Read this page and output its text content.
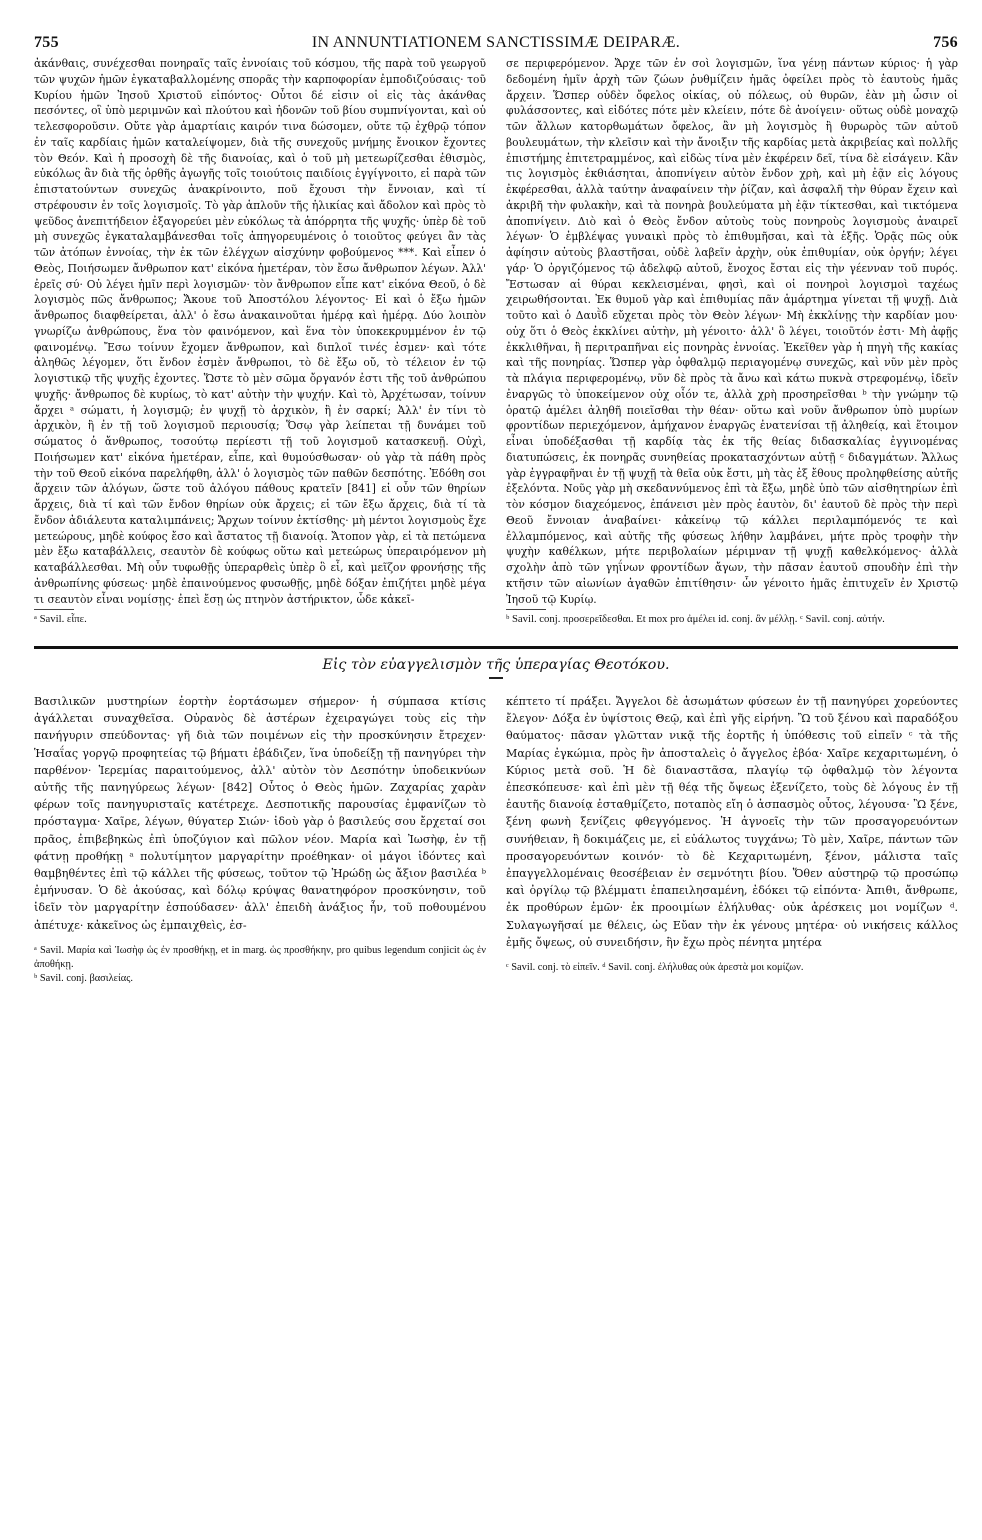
755	IN ANNUNTIATIONEM SANCTISSIMÆ DEIPARÆ.	756

ἀκάνθαις, συνέχεσθαι πονηραῖς ταῖς ἐννοίαις τοῦ κόσμου, τῆς παρὰ τοῦ γεωργοῦ τῶν ψυχῶν ἡμῶν ἐγκαταβαλλομένης σπορᾶς τὴν καρποφορίαν ἐμποδιζούσαις· τοῦ Κυρίου ἡμῶν Ἰησοῦ Χριστοῦ εἰπόντος· Οὗτοι δέ εἰσιν οἱ εἰς τὰς ἀκάνθας πεσόντες, οἳ ὑπὸ μεριμνῶν καὶ πλούτου καὶ ἡδονῶν τοῦ βίου συμπνίγονται, καὶ οὐ τελεσφοροῦσιν. Οὔτε γὰρ ἁμαρτίαις καιρόν τινα δώσομεν, οὔτε τῷ ἐχθρῷ τόπον ἐν ταῖς καρδίαις ἡμῶν καταλείψομεν, διὰ τῆς συνεχοῦς μνήμης ἔνοικον ἔχοντες τὸν Θεόν. Καὶ ἡ προσοχὴ δὲ τῆς διανοίας, καὶ ὁ τοῦ μὴ μετεωρίζεσθαι ἐθισμὸς, εὐκόλως ἂν διὰ τῆς ὀρθῆς ἀγωγῆς τοῖς τοιούτοις παιδίοις ἐγγίγνοιτο, εἰ παρὰ τῶν ἐπιστατούντων συνεχῶς ἀνακρίνοιντο, ποῦ ἔχουσι τὴν ἔννοιαν, καὶ τί στρέφουσιν ἐν τοῖς λογισμοῖς. Τὸ γὰρ ἁπλοῦν τῆς ἡλικίας καὶ ἄδολον καὶ πρὸς τὸ ψεῦδος ἀνεπιτήδειον ἐξαγορεύει μὲν εὐκόλως τὰ ἀπόρρητα τῆς ψυχῆς· ὑπὲρ δὲ τοῦ μὴ συνεχῶς ἐγκαταλαμβάνεσθαι τοῖς ἀπηγορευμένοις ὁ τοιοῦτος φεύγει ἂν τὰς τῶν ἀτόπων ἐννοίας, τὴν ἐκ τῶν ἐλέγχων αἰσχύνην φοβούμενος ***. Καὶ εἶπεν ὁ Θεὸς, Ποιήσωμεν ἄνθρωπον κατ' εἰκόνα ἡμετέραν, τὸν ἔσω ἄνθρωπον λέγων. Ἀλλ' ἐρεῖς σύ· Οὐ λέγει ἡμῖν περὶ λογισμῶν· τὸν ἄνθρωπον εἶπε κατ' εἰκόνα Θεοῦ, ὁ δὲ λογισμὸς πῶς ἄνθρωπος; Ἄκουε τοῦ Ἀποστόλου λέγοντος· Εἰ καὶ ὁ ἔξω ἡμῶν ἄνθρωπος διαφθείρεται, ἀλλ' ὁ ἔσω ἀνακαινοῦται ἡμέρᾳ καὶ ἡμέρᾳ. Δύο λοιπὸν γνωρίζω ἀνθρώπους, ἕνα τὸν φαινόμενον, καὶ ἕνα τὸν ὑποκεκρυμμένον ἐν τῷ φαινομένῳ. Ἔσω τοίνυν ἔχομεν ἄνθρωπον, καὶ διπλοῖ τινές ἐσμεν· καὶ τότε ἀληθῶς λέγομεν, ὅτι ἔνδον ἐσμὲν ἄνθρωποι, τὸ δὲ ἔξω οὔ, τὸ τέλειον ἐν τῷ λογιστικῷ τῆς ψυχῆς ἐχοντες. Ὥστε τὸ μὲν σῶμα ὄργανόν ἐστι τῆς τοῦ ἀνθρώπου ψυχῆς· ἄνθρωπος δὲ κυρίως, τὸ κατ' αὐτὴν τὴν ψυχήν. Καὶ τὸ, Ἀρχέτωσαν, τοίνυν ἄρχει ᵃ σώματι, ἡ λογισμῷ; ἐν ψυχῇ τὸ ἀρχικὸν, ἢ ἐν σαρκί; Ἀλλ' ἐν τίνι τὸ ἀρχικὸν, ἢ ἐν τῇ τοῦ λογισμοῦ περιουσίᾳ; Ὅσῳ γὰρ λείπεται τῇ δυνάμει τοῦ σώματος ὁ ἄνθρωπος, τοσούτῳ περίεστι τῇ τοῦ λογισμοῦ κατασκευῇ. Οὐχὶ, Ποιήσωμεν κατ' εἰκόνα ἡμετέραν, εἶπε, καὶ θυμούσθωσαν· οὐ γὰρ τὰ πάθη πρὸς τὴν τοῦ Θεοῦ εἰκόνα παρελήφθη, ἀλλ' ὁ λογισμὸς τῶν παθῶν δεσπότης. Ἐδόθη σοι ἄρχειν τῶν ἀλόγων, ὥστε τοῦ ἀλόγου πάθους κρατεῖν [841] εἰ οὖν τῶν θηρίων ἄρχεις, διὰ τί καὶ τῶν ἔνδον θηρίων οὐκ ἄρχεις; εἰ τῶν ἔξω ἄρχεις, διὰ τί τὰ ἔνδον ἀδιάλευτα καταλιμπάνεις; Ἄρχων τοίνυν ἐκτίσθης· μὴ μέντοι λογισμοὺς ἔχε μετεώρους, μηδὲ κούφος ἔσο καὶ ἄστατος τῇ διανοίᾳ. Ἄτοπον γὰρ, εἰ τὰ πετώμενα μὲν ἔξω καταβάλλεις, σεαυτὸν δὲ κούφως οὕτω καὶ μετεώρως ὑπεραιρόμενον μὴ καταβάλλεσθαι. Μὴ οὖν τυφωθῇς ὑπεραρθεὶς ὑπὲρ ὃ εἶ, καὶ μεῖζον φρονήσῃς τῆς ἀνθρωπίνης φύσεως· μηδὲ ἐπαινούμενος φυσωθῇς, μηδὲ δόξαν ἐπιζήτει μηδὲ μέγα τι σεαυτὸν εἶναι νομίσῃς· ἐπεὶ ἔσῃ ὡς πτηνὸν ἀστήρικτον, ὧδε κἀκεῖ-

ᵃ Savil. εἶπε.

σε περιφερόμενον. Ἄρχε τῶν ἐν σοὶ λογισμῶν, ἵνα γένῃ πάντων κύριος· ἡ γὰρ δεδομένη ἡμῖν ἀρχὴ τῶν ζώων ῥυθμίζειν ἡμᾶς ὀφείλει πρὸς τὸ ἑαυτοὺς ἡμᾶς ἄρχειν. Ὥσπερ οὐδὲν ὄφελος οἰκίας, οὐ πόλεως, οὐ θυρῶν, ἐὰν μὴ ὦσιν οἱ φυλάσσοντες, καὶ εἰδότες πότε μὲν κλείειν, πότε δὲ ἀνοίγειν· οὕτως οὐδὲ μοναχῷ τῶν ἄλλων κατορθωμάτων ὄφελος, ἂν μὴ λογισμὸς ἢ θυρωρὸς τῶν αὐτοῦ βουλευμάτων, τὴν κλεῖσιν καὶ τὴν ἄνοιξιν τῆς καρδίας μετὰ ἀκριβείας καὶ πολλῆς ἐπιστήμης ἐπιτετραμμένος, καὶ εἰδὼς τίνα μὲν ἐκφέρειν δεῖ, τίνα δὲ εἰσάγειν. Κἂν τις λογισμὸς ἐκθιάσηται, ἀποπνίγειν αὐτὸν ἔνδον χρὴ, καὶ μὴ ἐᾷν εἰς λόγους ἐκφέρεσθαι, ἀλλὰ ταύτην ἀναφαίνειν τὴν ῥίζαν, καὶ ἀσφαλῆ τὴν θύραν ἔχειν καὶ ἀκριβῆ τὴν φυλακὴν, καὶ τὰ πονηρὰ βουλεύματα μὴ ἐᾷν τίκτεσθαι, καὶ τικτόμενα ἀποπνίγειν. Διὸ καὶ ὁ Θεὸς ἔνδον αὐτοὺς τοὺς πονηροὺς λογισμοὺς ἀναιρεῖ λέγων· Ὁ ἐμβλέψας γυναικὶ πρὸς τὸ ἐπιθυμῆσαι, καὶ τὰ ἑξῆς. Ὁρᾷς πῶς οὐκ ἀφίησιν αὐτοὺς βλαστῆσαι, οὐδὲ λαβεῖν ἀρχὴν, οὐκ ἐπιθυμίαν, οὐκ ὀργήν; λέγει γάρ· Ὁ ὀργιζόμενος τῷ ἀδελφῷ αὐτοῦ, ἔνοχος ἔσται εἰς τὴν γέενναν τοῦ πυρός. Ἔστωσαν αἱ θύραι κεκλεισμέναι, φησὶ, καὶ οἱ πονηροὶ λογισμοὶ ταχέως χειρωθήσονται. Ἐκ θυμοῦ γὰρ καὶ ἐπιθυμίας πᾶν ἁμάρτημα γίνεται τῇ ψυχῇ. Διὰ τοῦτο καὶ ὁ Δαυῒδ εὔχεται πρὸς τὸν Θεὸν λέγων· Μὴ ἐκκλίνῃς τὴν καρδίαν μου· οὐχ ὅτι ὁ Θεὸς ἐκκλίνει αὐτὴν, μὴ γένοιτο· ἀλλ' ὃ λέγει, τοιοῦτόν ἐστι· Μὴ ἀφῇς ἐκκλιθῆναι, ἢ περιτραπῆναι εἰς πονηρὰς ἐννοίας. Ἐκεῖθεν γὰρ ἡ πηγὴ τῆς κακίας καὶ τῆς πονηρίας. Ὥσπερ γὰρ ὀφθαλμῷ περιαγομένῳ συνεχῶς, καὶ νῦν μὲν πρὸς τὰ πλάγια περιφερομένῳ, νῦν δὲ πρὸς τὰ ἄνω καὶ κάτω πυκνὰ στρεφομένῳ, ἰδεῖν ἐναργῶς τὸ ὑποκείμενον οὐχ οἷόν τε, ἀλλὰ χρὴ προσηρεῖσθαι ᵇ τὴν γνώμην τῷ ὁρατῷ ἀμέλει ἀληθῆ ποιεῖσθαι τὴν θέαν· οὕτω καὶ νοῦν ἄνθρωπον ὑπὸ μυρίων φροντίδων περιεχόμενον, ἀμήχανον ἐναργῶς ἐνατενίσαι τῇ ἀληθείᾳ, καὶ ἕτοιμον εἶναι ὑποδέξασθαι τῇ καρδίᾳ τὰς ἐκ τῆς θείας διδασκαλίας ἐγγινομένας διατυπώσεις, ἐκ πονηρᾶς συνηθείας προκατασχόντων αὐτῇ ᶜ διδαγμάτων. Ἄλλως γὰρ ἐγγραφῆναι ἐν τῇ ψυχῇ τὰ θεῖα οὐκ ἔστι, μὴ τὰς ἐξ ἔθους προληφθείσης αὐτῆς ἐξελόντα. Νοῦς γὰρ μὴ σκεδαννύμενος ἐπὶ τὰ ἔξω, μηδὲ ὑπὸ τῶν αἰσθητηρίων ἐπὶ τὸν κόσμον διαχεόμενος, ἐπάνεισι μὲν πρὸς ἑαυτὸν, δι' ἑαυτοῦ δὲ πρὸς τὴν περὶ Θεοῦ ἔννοιαν ἀναβαίνει· κἀκείνῳ τῷ κάλλει περιλαμπόμενός τε καὶ ἐλλαμπόμενος, καὶ αὐτῆς τῆς φύσεως λήθην λαμβάνει, μήτε πρὸς τροφὴν τὴν ψυχὴν καθέλκων, μήτε περιβολαίων μέριμναν τῇ ψυχῇ καθελκόμενος· ἀλλὰ σχολὴν ἀπὸ τῶν γηΐνων φροντίδων ἄγων, τὴν πᾶσαν ἑαυτοῦ σπουδὴν ἐπὶ τὴν κτῆσιν τῶν αἰωνίων ἀγαθῶν ἐπιτίθησιν· ὧν γένοιτο ἡμᾶς ἐπιτυχεῖν ἐν Χριστῷ Ἰησοῦ τῷ Κυρίῳ.

ᵇ Savil. conj. προσερεῖδεσθαι. Et mox pro ἀμέλει id. conj. ἂν μέλλῃ. ᶜ Savil. conj. αὐτήν.

Εἰς τὸν εὐαγγελισμὸν τῆς ὑπεραγίας Θεοτόκου.

Βασιλικῶν μυστηρίων ἑορτὴν ἑορτάσωμεν σήμερον· ἡ σύμπασα κτίσις ἀγάλλεται συναχθεῖσα. Οὐρανὸς δὲ ἀστέρων ἐχειραγώγει τοὺς εἰς τὴν πανήγυριν σπεύδοντας· γῆ διὰ τῶν ποιμένων εἰς τὴν προσκύνησιν ἔτρεχεν· Ἡσαΐας γοργῷ προφητείας τῷ βήματι ἐβάδιζεν, ἵνα ὑποδείξῃ τῇ πανηγύρει τὴν παρθένον· Ἱερεμίας παραιτούμενος, ἀλλ' αὐτὸν τὸν Δεσπότην ὑποδεικνύων αὐτῆς τῆς πανηγύρεως λέγων· [842] Οὗτος ὁ Θεὸς ἡμῶν. Ζαχαρίας χαρὰν φέρων τοῖς πανηγυρισταῖς κατέτρεχε. Δεσποτικῆς παρουσίας ἐμφανίζων τὸ πρόσταγμα· Χαῖρε, λέγων, θύγατερ Σιών· ἰδοὺ γὰρ ὁ βασιλεύς σου ἔρχεταί σοι πρᾶος, ἐπιβεβηκὼς ἐπὶ ὑποζύγιον καὶ πῶλον νέον. Μαρία καὶ Ἰωσὴφ, ἐν τῇ φάτνῃ προθήκῃ ᵃ πολυτίμητον μαργαρίτην προέθηκαν· οἱ μάγοι ἰδόντες καὶ θαμβηθέντες ἐπὶ τῷ κάλλει τῆς φύσεως, τοῦτον τῷ Ἡρώδῃ ὡς ἄξιον βασιλέα ᵇ ἐμήνυσαν. Ὁ δὲ ἀκούσας, καὶ δόλῳ κρύψας θανατηφόρον προσκύνησιν, τοῦ ἰδεῖν τὸν μαργαρίτην ἐσπούδασεν· ἀλλ' ἐπειδὴ ἀνάξιος ἦν, τοῦ ποθουμένου ἀπέτυχε· κἀκεῖνος ὡς ἐμπαιχθεὶς, ἐσ-

ᵃ Savil. Μαρία καὶ Ἰωσὴφ ὡς ἐν προσθήκῃ, et in marg. ὡς προσθήκην, pro quibus legendum conjicit ὡς ἐν ἀποθήκῃ.
ᵇ Savil. conj. βασιλείας.

κέπτετο τί πράξει. Ἄγγελοι δὲ ἀσωμάτων φύσεων ἐν τῇ πανηγύρει χορεύοντες ἔλεγον· Δόξα ἐν ὑψίστοις Θεῷ, καὶ ἐπὶ γῆς εἰρήνη. Ὢ τοῦ ξένου καὶ παραδόξου θαύματος· πᾶσαν γλῶτταν νικᾷ τῆς ἑορτῆς ἡ ὑπόθεσις τοῦ εἰπεῖν ᶜ τὰ τῆς Μαρίας ἐγκώμια, πρὸς ἣν ἀποσταλεὶς ὁ ἄγγελος ἐβόα· Χαῖρε κεχαριτωμένη, ὁ Κύριος μετὰ σοῦ. Ἡ δὲ διαναστᾶσα, πλαγίῳ τῷ ὀφθαλμῷ τὸν λέγοντα ἐπεσκόπευσε· καὶ ἐπὶ μὲν τῇ θέᾳ τῆς ὄψεως ἐξενίζετο, τοὺς δὲ λόγους ἐν τῇ ἑαυτῆς διανοίᾳ ἐσταθμίζετο, ποταπὸς εἴη ὁ ἀσπασμὸς οὗτος, λέγουσα· Ὢ ξένε, ξένη φωνὴ ξενίζεις φθεγγόμενος. Ἡ ἀγνοεῖς τὴν τῶν προσαγορευόντων συνήθειαν, ἢ δοκιμάζεις με, εἰ εὐάλωτος τυγχάνω; Τὸ μὲν, Χαῖρε, πάντων τῶν προσαγορευόντων κοινόν· τὸ δὲ Κεχαριτωμένη, ξένον, μάλιστα ταῖς ἐπαγγελλομέναις θεοσέβειαν ἐν σεμνότητι βίου. Ὅθεν αὐστηρῷ τῷ προσώπῳ καὶ ὀργίλῳ τῷ βλέμματι ἐπαπειλησαμένη, ἐδόκει τῷ εἰπόντα· Ἀπιθι, ἄνθρωπε, ἐκ προθύρων ἐμῶν· ἐκ προοιμίων ἐλήλυθας· οὐκ ἀρέσκεις μοι νομίζων ᵈ. Συλαγωγῆσαί με θέλεις, ὡς Εὔαν τὴν ἐκ γένους μητέρα· οὐ νικήσεις κάλλος ἐμῆς ὄψεως, οὐ συνειδήσιν, ἣν ἔχω πρὸς πένητα μητέρα

ᶜ Savil. conj. τὸ εἰπεῖν. ᵈ Savil. conj. ἐλήλυθας οὐκ ἀρεστὰ μοι κομίζων.
